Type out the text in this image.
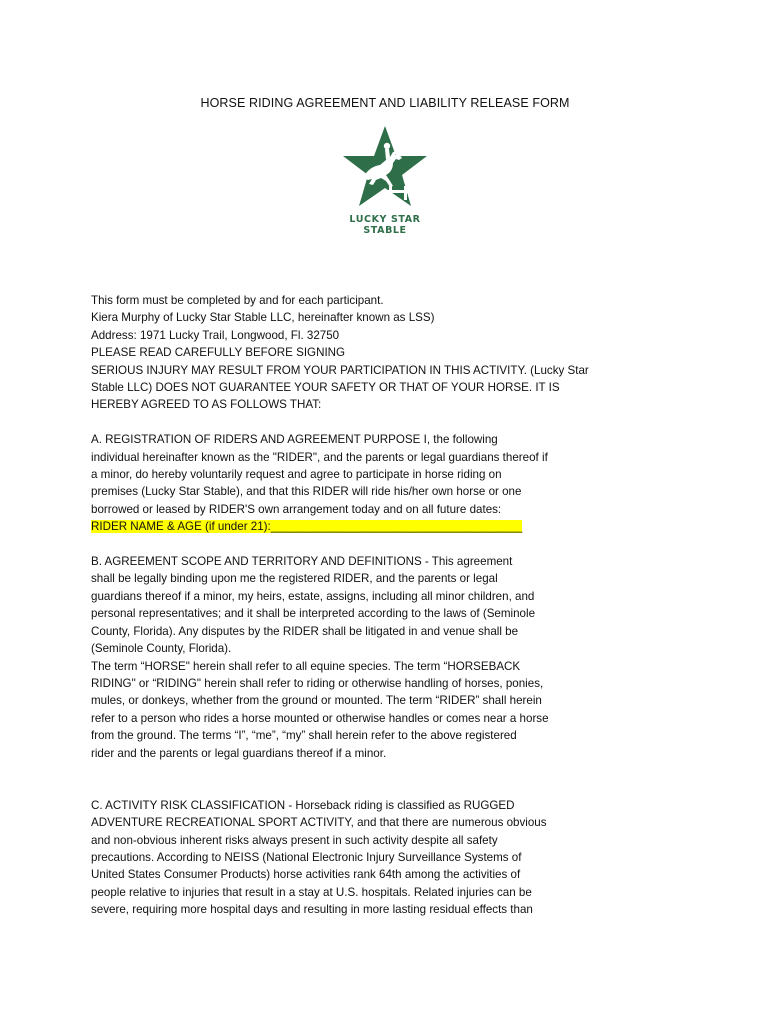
HORSE RIDING AGREEMENT AND LIABILITY RELEASE FORM
LUCKY STAR
STABLE
This form must be completed by and for each participant.
Kiera Murphy of Lucky Star Stable LLC, hereinafter known as LSS)
Address: 1971 Lucky Trail, Longwood, Fl. 32750
PLEASE READ CAREFULLY BEFORE SIGNING
SERIOUS INJURY MAY RESULT FROM YOUR PARTICIPATION IN THIS ACTIVITY. (Lucky Star
Stable LLC) DOES NOT GUARANTEE YOUR SAFETY OR THAT OF YOUR HORSE. IT IS
HEREBY AGREED TO AS FOLLOWS THAT:
A. REGISTRATION OF RIDERS AND AGREEMENT PURPOSE I, the following
individual hereinafter known as the "RIDER", and the parents or legal guardians thereof if
a minor, do hereby voluntarily request and agree to participate in horse riding on
premises (Lucky Star Stable), and that this RIDER will ride his/her own horse or one
borrowed or leased by RIDER'S own arrangement today and on all future dates:
RIDER NAME & AGE (if under 21):_______________________________________
B. AGREEMENT SCOPE AND TERRITORY AND DEFINITIONS - This agreement
shall be legally binding upon me the registered RIDER, and the parents or legal
guardians thereof if a minor, my heirs, estate, assigns, including all minor children, and
personal representatives; and it shall be interpreted according to the laws of (Seminole
County, Florida). Any disputes by the RIDER shall be litigated in and venue shall be
(Seminole County, Florida).
The term “HORSE" herein shall refer to all equine species. The term “HORSEBACK
RIDING" or “RIDING" herein shall refer to riding or otherwise handling of horses, ponies,
mules, or donkeys, whether from the ground or mounted. The term “RIDER” shall herein
refer to a person who rides a horse mounted or otherwise handles or comes near a horse
from the ground. The terms “I”, “me”, “my” shall herein refer to the above registered
rider and the parents or legal guardians thereof if a minor.
C. ACTIVITY RISK CLASSIFICATION - Horseback riding is classified as RUGGED
ADVENTURE RECREATIONAL SPORT ACTIVITY, and that there are numerous obvious
and non-obvious inherent risks always present in such activity despite all safety
precautions. According to NEISS (National Electronic Injury Surveillance Systems of
United States Consumer Products) horse activities rank 64th among the activities of
people relative to injuries that result in a stay at U.S. hospitals. Related injuries can be
severe, requiring more hospital days and resulting in more lasting residual effects than
